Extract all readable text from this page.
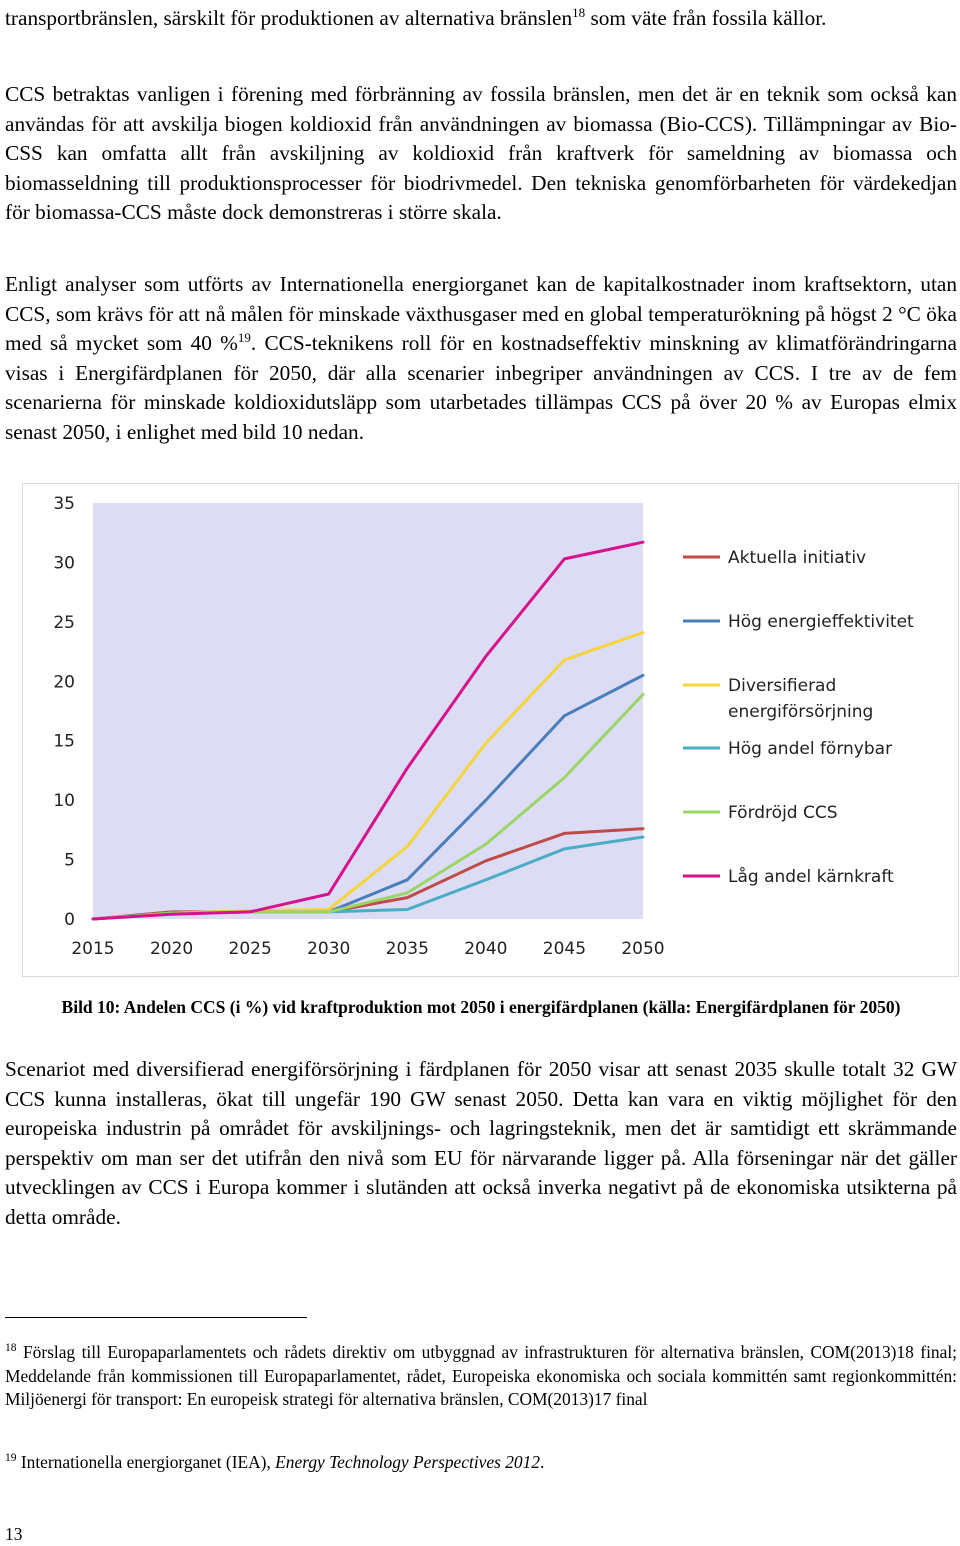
transportbränslen, särskilt för produktionen av alternativa bränslen$^{18}$ som väte från fossila källor.

CCS betraktas vanligen i förening med förbränning av fossila bränslen, men det är en teknik som också kan användas för att avskilja biogen koldioxid från användningen av biomassa (Bio-CCS). Tillämpningar av Bio-CSS kan omfatta allt från avskiljning av koldioxid från kraftverk för sameldning av biomassa och biomasseldning till produktionsprocesser för biodrivmedel. Den tekniska genomförbarheten för värdekedjan för biomassa-CCS måste dock demonstreras i större skala.

Enligt analyser som utförts av Internationella energiorganet kan de kapitalkostnader inom kraftsektorn, utan CCS, som krävs för att nå målen för minskade växthusgaser med en global temperaturökning på högst 2 °C öka med så mycket som 40 %$^{19}$. CCS-teknikens roll för en kostnadseffektiv minskning av klimatförändringarna visas i Energifärdplanen för 2050, där alla scenarier inbegriper användningen av CCS. I tre av de fem scenarierna för minskade koldioxidutsläpp som utarbetades tillämpas CCS på över 20 % av Europas elmix senast 2050, i enlighet med bild 10 nedan.

0
5
10
15
20
25
30
35
2015 2020 2025 2030 2035 2040 2045 2050
Aktuella initiativ
Hög energieffektivitet
Diversifierad
energiförsörjning
Hög andel förnybar
Fördröjd CCS
Låg andel kärnkraft

Bild 10: Andelen CCS (i %) vid kraftproduktion mot 2050 i energifärdplanen (källa: Energifärdplanen för 2050)

Scenariot med diversifierad energiförsörjning i färdplanen för 2050 visar att senast 2035 skulle totalt 32 GW CCS kunna installeras, ökat till ungefär 190 GW senast 2050. Detta kan vara en viktig möjlighet för den europeiska industrin på området för avskiljnings- och lagringsteknik, men det är samtidigt ett skrämmande perspektiv om man ser det utifrån den nivå som EU för närvarande ligger på. Alla förseningar när det gäller utvecklingen av CCS i Europa kommer i slutänden att också inverka negativt på de ekonomiska utsikterna på detta område.

$^{18}$ Förslag till Europaparlamentets och rådets direktiv om utbyggnad av infrastrukturen för alternativa bränslen, COM(2013)18 final; Meddelande från kommissionen till Europaparlamentet, rådet, Europeiska ekonomiska och sociala kommittén samt regionkommittén: Miljöenergi för transport: En europeisk strategi för alternativa bränslen, COM(2013)17 final

$^{19}$ Internationella energiorganet (IEA), Energy Technology Perspectives 2012.

13
